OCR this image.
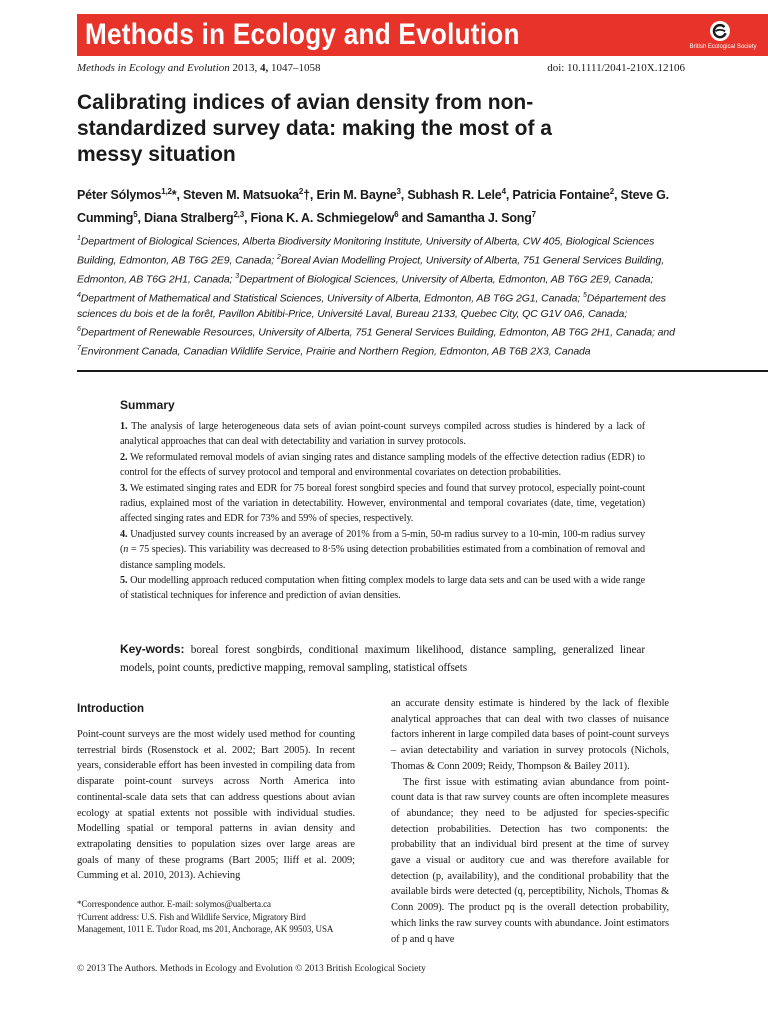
Methods in Ecology and Evolution	British Ecological Society
Methods in Ecology and Evolution 2013, 4, 1047–1058	doi: 10.1111/2041-210X.12106
Calibrating indices of avian density from non-standardized survey data: making the most of a messy situation
Péter Sólymos$^{1,2}$*, Steven M. Matsuoka$^2$†, Erin M. Bayne$^3$, Subhash R. Lele$^4$, Patricia Fontaine$^2$, Steve G. Cumming$^5$, Diana Stralberg$^{2,3}$, Fiona K. A. Schmiegelow$^6$ and Samantha J. Song$^7$
$^1$Department of Biological Sciences, Alberta Biodiversity Monitoring Institute, University of Alberta, CW 405, Biological Sciences Building, Edmonton, AB T6G 2E9, Canada; $^2$Boreal Avian Modelling Project, University of Alberta, 751 General Services Building, Edmonton, AB T6G 2H1, Canada; $^3$Department of Biological Sciences, University of Alberta, Edmonton, AB T6G 2E9, Canada; $^4$Department of Mathematical and Statistical Sciences, University of Alberta, Edmonton, AB T6G 2G1, Canada; $^5$Département des sciences du bois et de la forêt, Pavillon Abitibi-Price, Université Laval, Bureau 2133, Quebec City, QC G1V 0A6, Canada; $^6$Department of Renewable Resources, University of Alberta, 751 General Services Building, Edmonton, AB T6G 2H1, Canada; and $^7$Environment Canada, Canadian Wildlife Service, Prairie and Northern Region, Edmonton, AB T6B 2X3, Canada
Summary

1. The analysis of large heterogeneous data sets of avian point-count surveys compiled across studies is hindered by a lack of analytical approaches that can deal with detectability and variation in survey protocols.

2. We reformulated removal models of avian singing rates and distance sampling models of the effective detection radius (EDR) to control for the effects of survey protocol and temporal and environmental covariates on detection probabilities.

3. We estimated singing rates and EDR for 75 boreal forest songbird species and found that survey protocol, especially point-count radius, explained most of the variation in detectability. However, environmental and temporal covariates (date, time, vegetation) affected singing rates and EDR for 73% and 59% of species, respectively.

4. Unadjusted survey counts increased by an average of 201% from a 5-min, 50-m radius survey to a 10-min, 100-m radius survey (n = 75 species). This variability was decreased to 8·5% using detection probabilities estimated from a combination of removal and distance sampling models.

5. Our modelling approach reduced computation when fitting complex models to large data sets and can be used with a wide range of statistical techniques for inference and prediction of avian densities.

Key-words: boreal forest songbirds, conditional maximum likelihood, distance sampling, generalized linear models, point counts, predictive mapping, removal sampling, statistical offsets
Introduction

Point-count surveys are the most widely used method for counting terrestrial birds (Rosenstock et al. 2002; Bart 2005). In recent years, considerable effort has been invested in compiling data from disparate point-count surveys across North America into continental-scale data sets that can address questions about avian ecology at spatial extents not possible with individual studies. Modelling spatial or temporal patterns in avian density and extrapolating densities to population sizes over large areas are goals of many of these programs (Bart 2005; Iliff et al. 2009; Cumming et al. 2010, 2013). Achieving

an accurate density estimate is hindered by the lack of flexible analytical approaches that can deal with two classes of nuisance factors inherent in large compiled data bases of point-count surveys – avian detectability and variation in survey protocols (Nichols, Thomas & Conn 2009; Reidy, Thompson & Bailey 2011).

The first issue with estimating avian abundance from point-count data is that raw survey counts are often incomplete measures of abundance; they need to be adjusted for species-specific detection probabilities. Detection has two components: the probability that an individual bird present at the time of survey gave a visual or auditory cue and was therefore available for detection (p, availability), and the conditional probability that the available birds were detected (q, perceptibility, Nichols, Thomas & Conn 2009). The product pq is the overall detection probability, which links the raw survey counts with abundance. Joint estimators of p and q have

*Correspondence author. E-mail: solymos@ualberta.ca

†Current address: U.S. Fish and Wildlife Service, Migratory Bird Management, 1011 E. Tudor Road, ms 201, Anchorage, AK 99503, USA

© 2013 The Authors. Methods in Ecology and Evolution © 2013 British Ecological Society
